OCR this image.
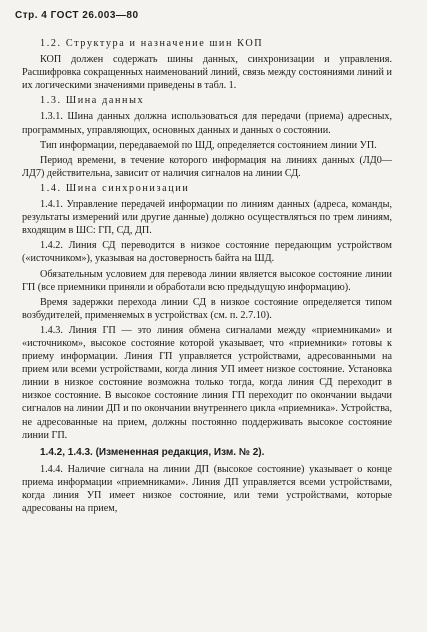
Стр. 4 ГОСТ 26.003—80

1.2. Структура и назначение шин КОП

КОП должен содержать шины данных, синхронизации и управления. Расшифровка сокращенных наименований линий, связь между состояниями линий и их логическими значениями приведены в табл. 1.

1.3. Шина данных

1.3.1. Шина данных должна использоваться для передачи (приема) адресных, программных, управляющих, основных данных и данных о состоянии.

Тип информации, передаваемой по ШД, определяется состоянием линии УП.

Период времени, в течение которого информация на линиях данных (ЛД0—ЛД7) действительна, зависит от наличия сигналов на линии СД.

1.4. Шина синхронизации

1.4.1. Управление передачей информации по линиям данных (адреса, команды, результаты измерений или другие данные) должно осуществляться по трем линиям, входящим в ШС: ГП, СД, ДП.

1.4.2. Линия СД переводится в низкое состояние передающим устройством («источником»), указывая на достоверность байта на ШД.

Обязательным условием для перевода линии является высокое состояние линии ГП (все приемники приняли и обработали всю предыдущую информацию).

Время задержки перехода линии СД в низкое состояние определяется типом возбудителей, применяемых в устройствах (см. п. 2.7.10).

1.4.3. Линия ГП — это линия обмена сигналами между «приемниками» и «источником», высокое состояние которой указывает, что «приемники» готовы к приему информации. Линия ГП управляется устройствами, адресованными на прием или всеми устройствами, когда линия УП имеет низкое состояние. Установка линии в низкое состояние возможна только тогда, когда линия СД переходит в низкое состояние. В высокое состояние линия ГП переходит по окончании выдачи сигналов на линии ДП и по окончании внутреннего цикла «приемника». Устройства, не адресованные на прием, должны постоянно поддерживать высокое состояние линии ГП.

1.4.2, 1.4.3. (Измененная редакция, Изм. № 2).

1.4.4. Наличие сигнала на линии ДП (высокое состояние) указывает о конце приема информации «приемниками». Линия ДП управляется всеми устройствами, когда линия УП имеет низкое состояние, или теми устройствами, которые адресованы на прием,
